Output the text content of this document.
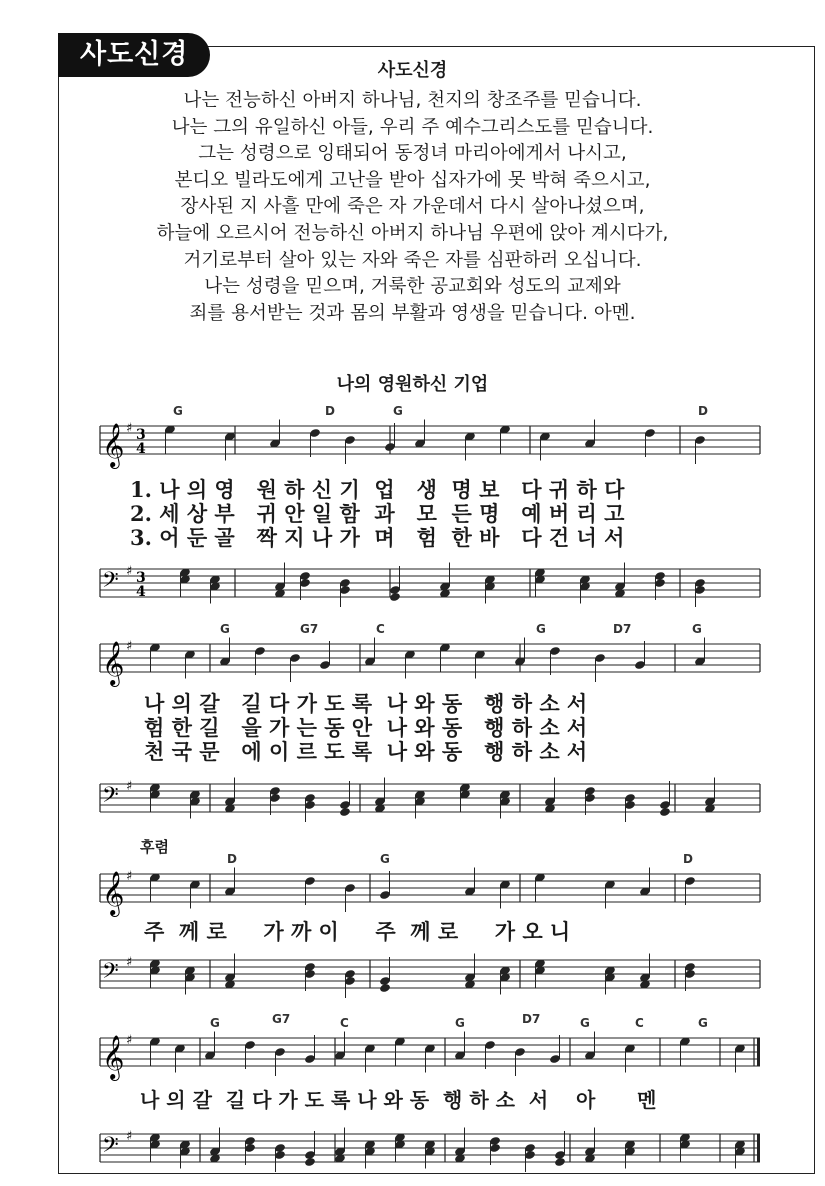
사도신경
사도신경
나는 전능하신 아버지 하나님, 천지의 창조주를 믿습니다.
나는 그의 유일하신 아들, 우리 주 예수그리스도를 믿습니다.
그는 성령으로 잉태되어 동정녀 마리아에게서 나시고,
본디오 빌라도에게 고난을 받아 십자가에 못 박혀 죽으시고,
장사된 지 사흘 만에 죽은 자 가운데서 다시 살아나셨으며,
하늘에 오르시어 전능하신 아버지 하나님 우편에 앉아 계시다가,
거기로부터 살아 있는 자와 죽은 자를 심판하러 오십니다.
나는 성령을 믿으며, 거룩한 공교회와 성도의 교제와
죄를 용서받는 것과 몸의 부활과 영생을 믿습니다. 아멘.
나의 영원하신 기업
𝄞 ♯ 3
4
G	D	G	D
1. 나 의 영   원 하 신 기  업   생  명 보   다 귀 하 다
2. 세 상 부   귀 안 일 함  과   모  든 명   예 버 리 고
3. 어 둔 골   짝 지 나 가  며   험  한 바   다 건 너 서
𝄢 ♯ 3
4
𝄞 ♯
G	G7	C	G	D7	G
나 의 갈   길 다 가 도 록  나 와 동   행 하 소 서
험 한 길   을 가 는 동 안  나 와 동   행 하 소 서
천 국 문   에 이 르 도 록  나 와 동   행 하 소 서
𝄢 ♯
후렴
𝄞 ♯
D	G	D
주  께 로     가 까 이     주  께 로     가 오 니
𝄢 ♯
𝄞 ♯
G	G7	C	G	D7	G	C	G
나 의 갈  길 다 가 도 록 나 와 동  행 하 소  서    아      멘
𝄢 ♯
